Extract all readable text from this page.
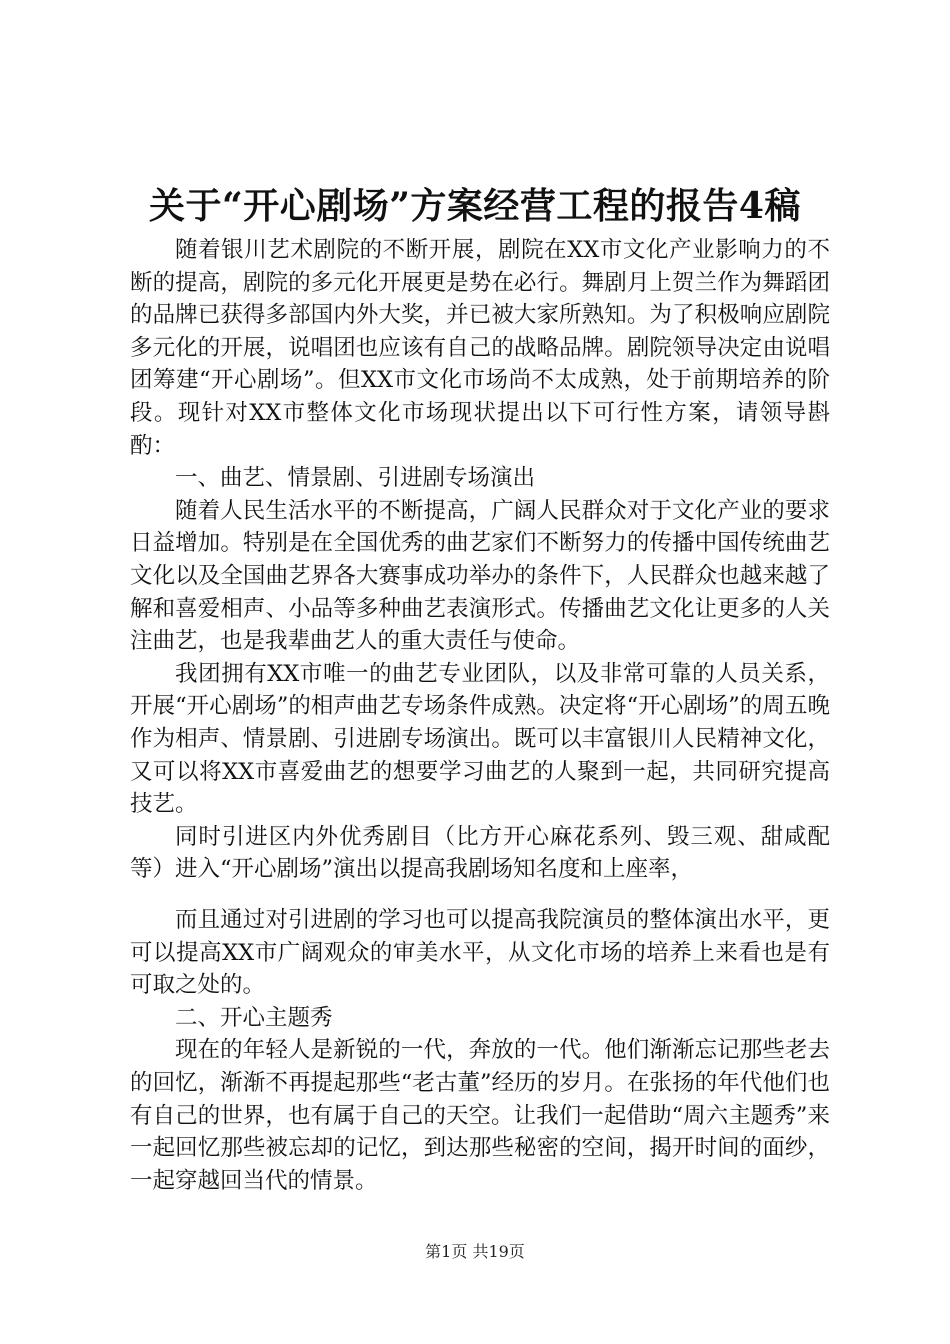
关于“开心剧场”方案经营工程的报告4稿

随着银川艺术剧院的不断开展，剧院在XX市文化产业影响力的不断的提高，剧院的多元化开展更是势在必行。舞剧月上贺兰作为舞蹈团的品牌已获得多部国内外大奖，并已被大家所熟知。为了积极响应剧院多元化的开展，说唱团也应该有自己的战略品牌。剧院领导决定由说唱团筹建“开心剧场”。但XX市文化市场尚不太成熟，处于前期培养的阶段。现针对XX市整体文化市场现状提出以下可行性方案，请领导斟酌：

一、曲艺、情景剧、引进剧专场演出

随着人民生活水平的不断提高，广阔人民群众对于文化产业的要求日益增加。特别是在全国优秀的曲艺家们不断努力的传播中国传统曲艺文化以及全国曲艺界各大赛事成功举办的条件下，人民群众也越来越了解和喜爱相声、小品等多种曲艺表演形式。传播曲艺文化让更多的人关注曲艺，也是我辈曲艺人的重大责任与使命。

我团拥有XX市唯一的曲艺专业团队，以及非常可靠的人员关系，开展“开心剧场”的相声曲艺专场条件成熟。决定将“开心剧场”的周五晚作为相声、情景剧、引进剧专场演出。既可以丰富银川人民精神文化，又可以将XX市喜爱曲艺的想要学习曲艺的人聚到一起，共同研究提高技艺。

同时引进区内外优秀剧目（比方开心麻花系列、毁三观、甜咸配等）进入“开心剧场”演出以提高我剧场知名度和上座率，

而且通过对引进剧的学习也可以提高我院演员的整体演出水平，更可以提高XX市广阔观众的审美水平，从文化市场的培养上来看也是有可取之处的。

二、开心主题秀

现在的年轻人是新锐的一代，奔放的一代。他们渐渐忘记那些老去的回忆，渐渐不再提起那些“老古董”经历的岁月。在张扬的年代他们也有自己的世界，也有属于自己的天空。让我们一起借助“周六主题秀”来一起回忆那些被忘却的记忆，到达那些秘密的空间，揭开时间的面纱，一起穿越回当代的情景。

第1页 共19页
